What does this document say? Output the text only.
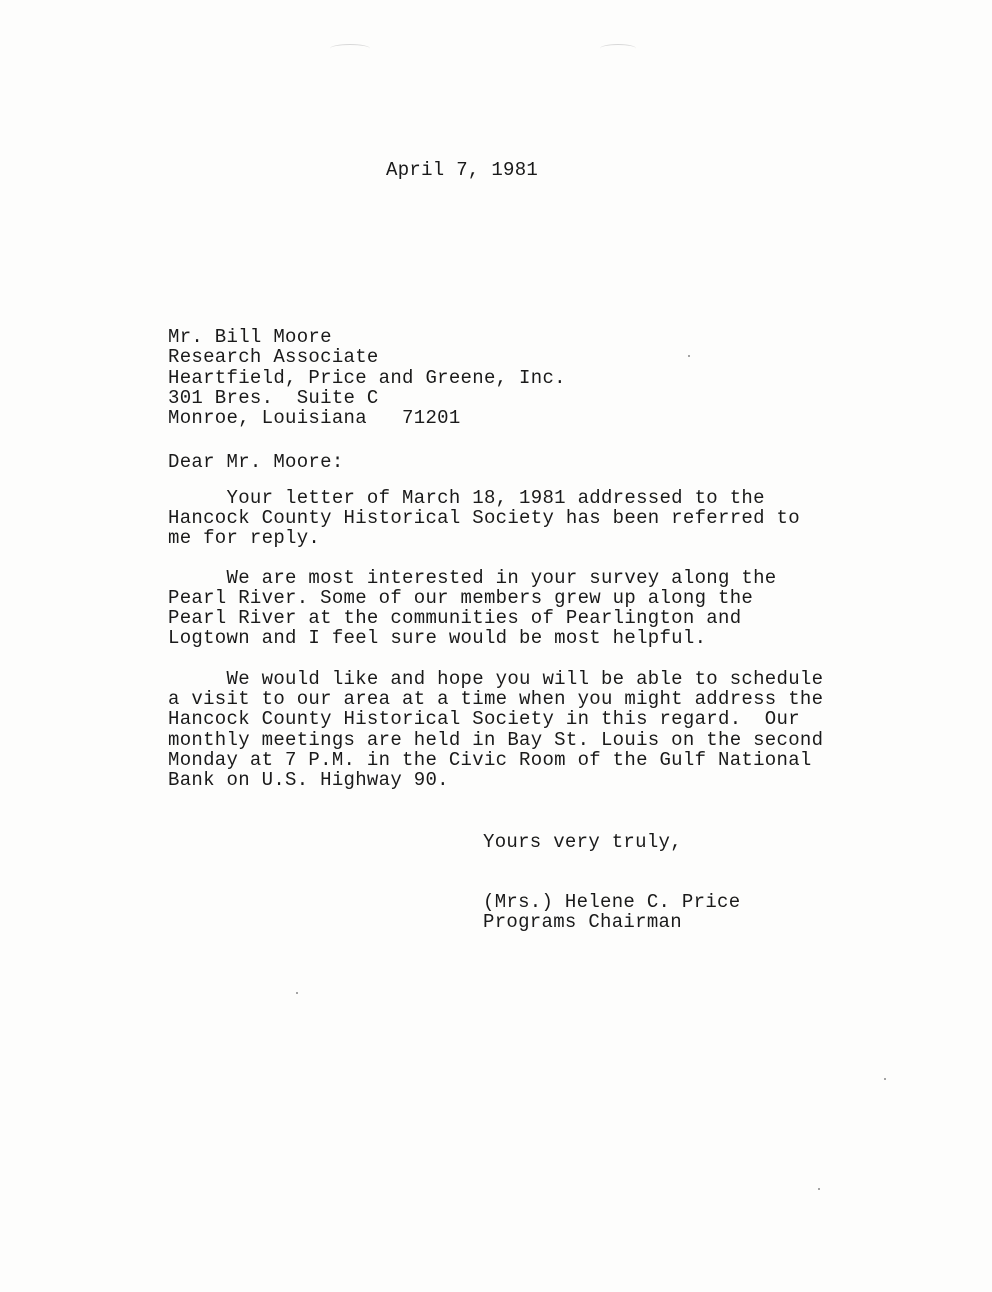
April 7, 1981
Mr. Bill Moore
Research Associate
Heartfield, Price and Greene, Inc.
301 Bres.  Suite C
Monroe, Louisiana   71201
Dear Mr. Moore:
Your letter of March 18, 1981 addressed to the
Hancock County Historical Society has been referred to
me for reply.
We are most interested in your survey along the
Pearl River. Some of our members grew up along the
Pearl River at the communities of Pearlington and
Logtown and I feel sure would be most helpful.
We would like and hope you will be able to schedule
a visit to our area at a time when you might address the
Hancock County Historical Society in this regard.  Our
monthly meetings are held in Bay St. Louis on the second
Monday at 7 P.M. in the Civic Room of the Gulf National
Bank on U.S. Highway 90.
Yours very truly,
(Mrs.) Helene C. Price
Programs Chairman
